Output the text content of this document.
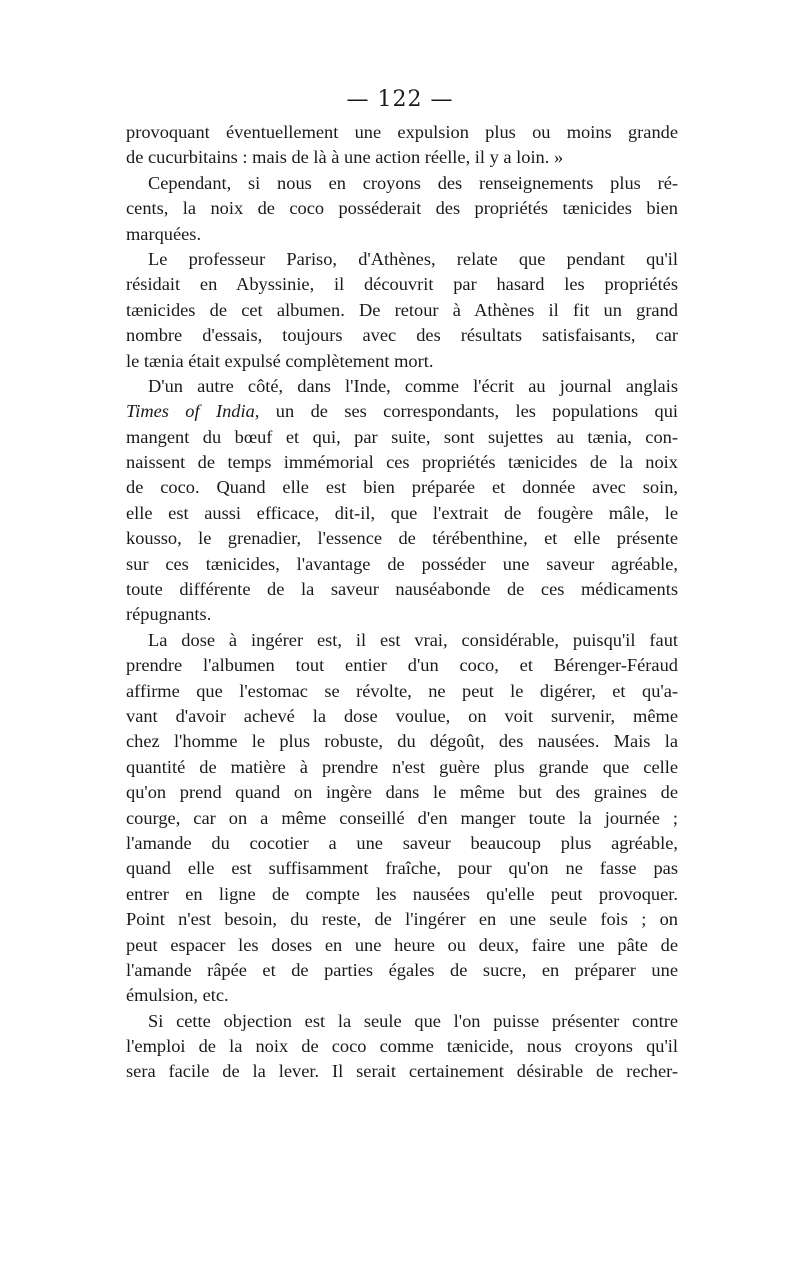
— 122 —
provoquant éventuellement une expulsion plus ou moins grande
de cucurbitains : mais de là à une action réelle, il y a loin. »
Cependant, si nous en croyons des renseignements plus ré-
cents, la noix de coco posséderait des propriétés tænicides bien
marquées.
Le professeur Pariso, d'Athènes, relate que pendant qu'il
résidait en Abyssinie, il découvrit par hasard les propriétés
tænicides de cet albumen. De retour à Athènes il fit un grand
nombre d'essais, toujours avec des résultats satisfaisants, car
le tænia était expulsé complètement mort.
D'un autre côté, dans l'Inde, comme l'écrit au journal anglais
Times of India, un de ses correspondants, les populations qui
mangent du bœuf et qui, par suite, sont sujettes au tænia, con-
naissent de temps immémorial ces propriétés tænicides de la noix
de coco. Quand elle est bien préparée et donnée avec soin,
elle est aussi efficace, dit-il, que l'extrait de fougère mâle, le
kousso, le grenadier, l'essence de térébenthine, et elle présente
sur ces tænicides, l'avantage de posséder une saveur agréable,
toute différente de la saveur nauséabonde de ces médicaments
répugnants.
La dose à ingérer est, il est vrai, considérable, puisqu'il faut
prendre l'albumen tout entier d'un coco, et Bérenger-Féraud
affirme que l'estomac se révolte, ne peut le digérer, et qu'a-
vant d'avoir achevé la dose voulue, on voit survenir, même
chez l'homme le plus robuste, du dégoût, des nausées. Mais la
quantité de matière à prendre n'est guère plus grande que celle
qu'on prend quand on ingère dans le même but des graines de
courge, car on a même conseillé d'en manger toute la journée ;
l'amande du cocotier a une saveur beaucoup plus agréable,
quand elle est suffisamment fraîche, pour qu'on ne fasse pas
entrer en ligne de compte les nausées qu'elle peut provoquer.
Point n'est besoin, du reste, de l'ingérer en une seule fois ; on
peut espacer les doses en une heure ou deux, faire une pâte de
l'amande râpée et de parties égales de sucre, en préparer une
émulsion, etc.
Si cette objection est la seule que l'on puisse présenter contre
l'emploi de la noix de coco comme tænicide, nous croyons qu'il
sera facile de la lever. Il serait certainement désirable de recher-
